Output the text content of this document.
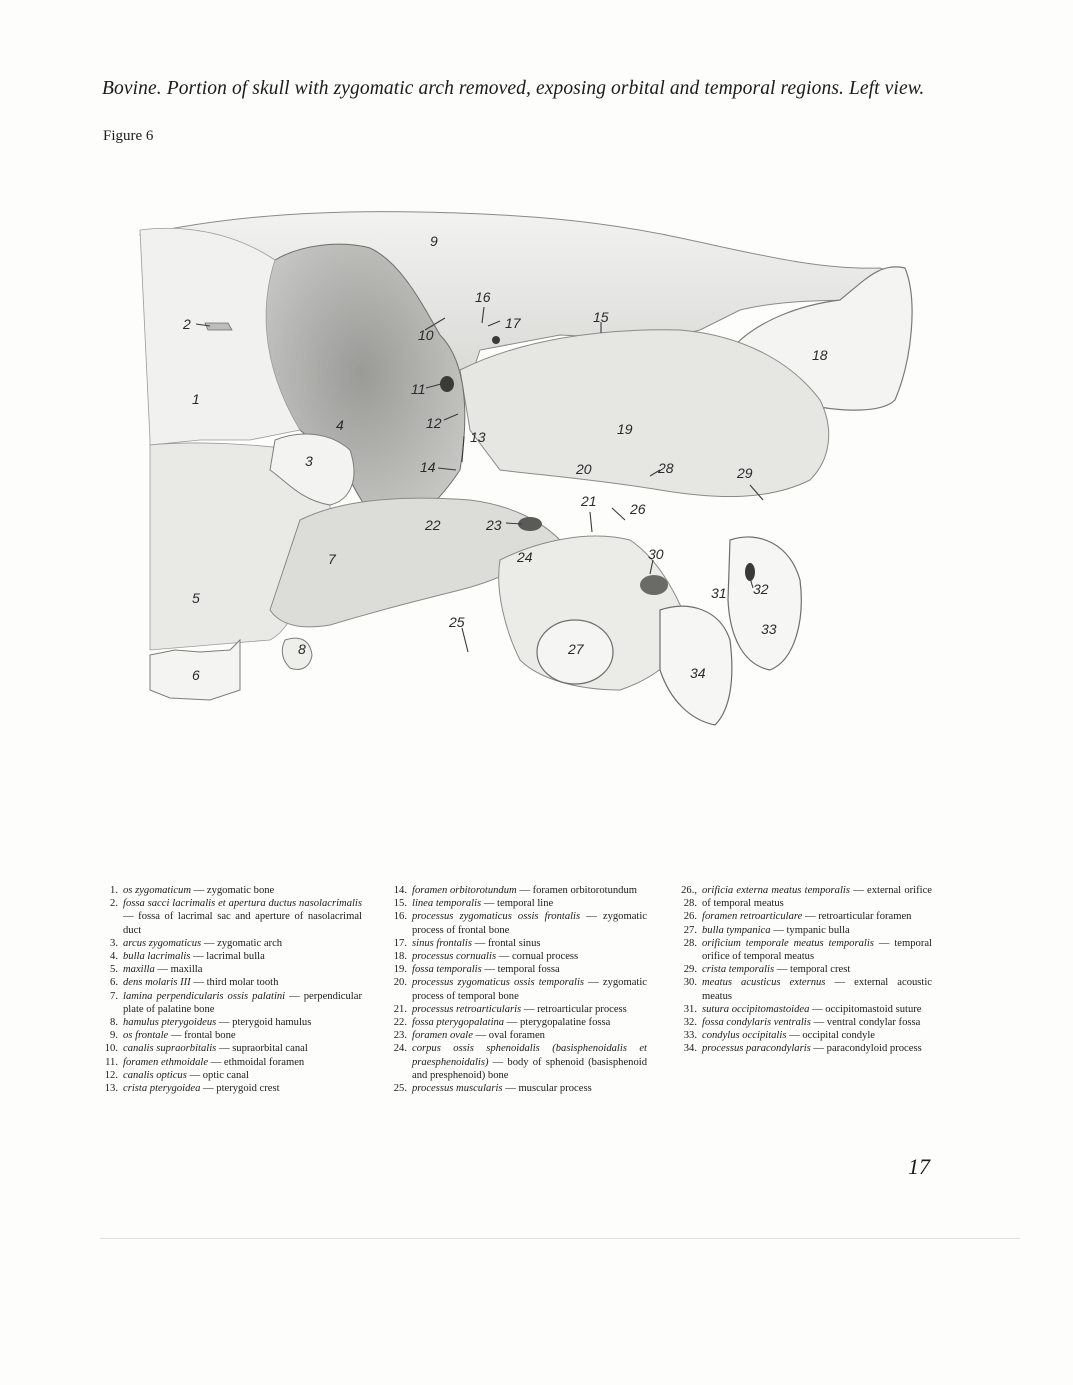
Bovine. Portion of skull with zygomatic arch removed, exposing orbital and temporal regions. Left view.
Figure 6
1
2
3
4
5
6
7
8
9
10
11
12
13
14
15
16
17
18
19
20
21
22	23
24
25
26
27
28	29
30
31 32
33
34
1. os zygomaticum — zygomatic bone
2. fossa sacci lacrimalis et apertura ductus nasolacrimalis — fossa of lacrimal sac and aperture of nasolacrimal duct
3. arcus zygomaticus — zygomatic arch
4. bulla lacrimalis — lacrimal bulla
5. maxilla — maxilla
6. dens molaris III — third molar tooth
7. lamina perpendicularis ossis palatini — perpendicular plate of palatine bone
8. hamulus pterygoideus — pterygoid hamulus
9. os frontale — frontal bone
10. canalis supraorbitalis — supraorbital canal
11. foramen ethmoidale — ethmoidal foramen
12. canalis opticus — optic canal
13. crista pterygoidea — pterygoid crest
14. foramen orbitorotundum — foramen orbitorotundum
15. linea temporalis — temporal line
16. processus zygomaticus ossis frontalis — zygomatic process of frontal bone
17. sinus frontalis — frontal sinus
18. processus cornualis — cornual process
19. fossa temporalis — temporal fossa
20. processus zygomaticus ossis temporalis — zygomatic process of temporal bone
21. processus retroarticularis — retroarticular process
22. fossa pterygopalatina — pterygopalatine fossa
23. foramen ovale — oval foramen
24. corpus ossis sphenoidalis (basisphenoidalis et praesphenoidalis) — body of sphenoid (basisphenoid and presphenoid) bone
25. processus muscularis — muscular process
26., 28.
orificia externa meatus temporalis — external orifice of temporal meatus
26. foramen retroarticulare — retroarticular foramen
27. bulla tympanica — tympanic bulla
28. orificium temporale meatus temporalis — temporal orifice of temporal meatus
29. crista temporalis — temporal crest
30. meatus acusticus externus — external acoustic meatus
31. sutura occipitomastoidea — occipitomastoid suture
32. fossa condylaris ventralis — ventral condylar fossa
33. condylus occipitalis — occipital condyle
34. processus paracondylaris — paracondyloid process
17
